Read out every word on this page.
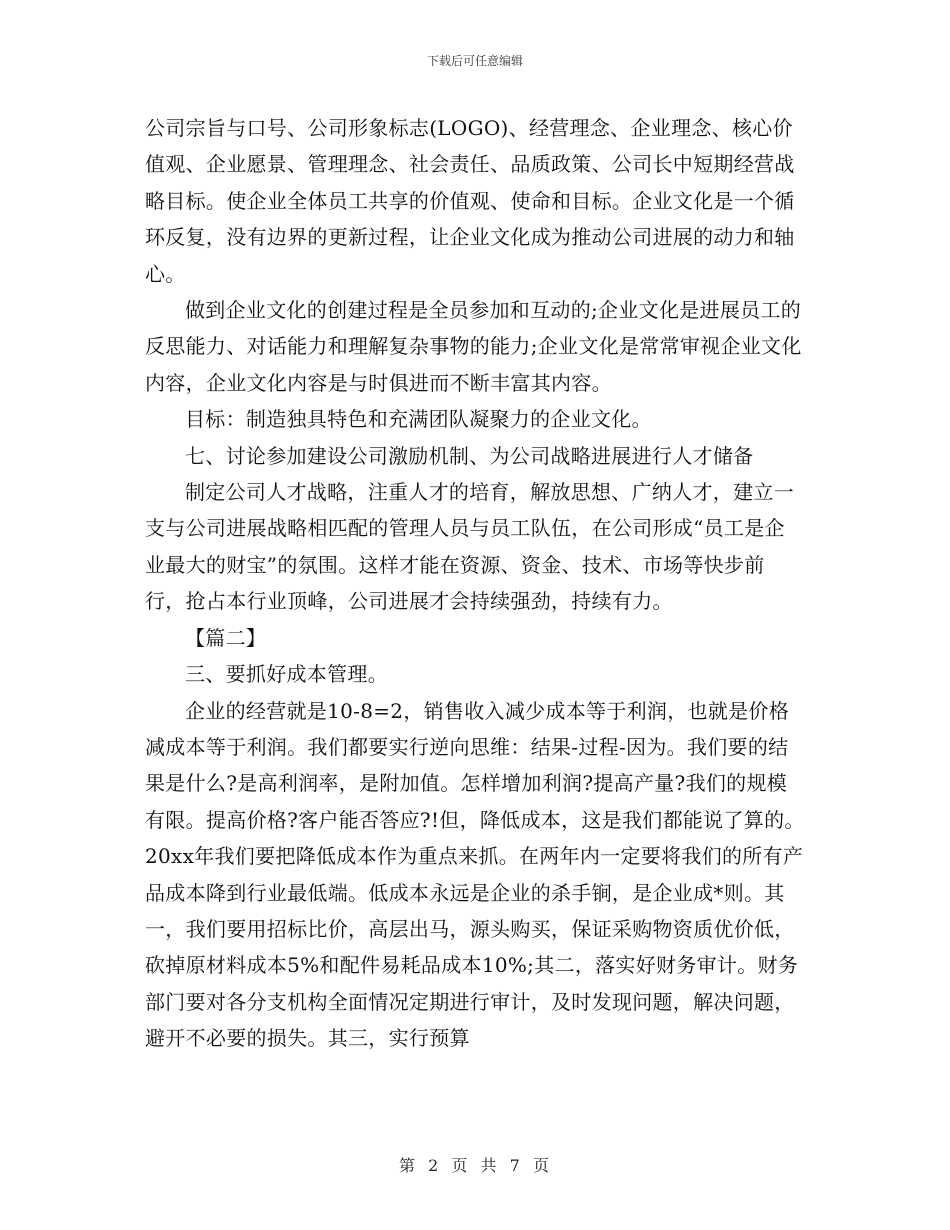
下载后可任意编辑

公司宗旨与口号、公司形象标志(LOGO)、经营理念、企业理念、核心价值观、企业愿景、管理理念、社会责任、品质政策、公司长中短期经营战略目标。使企业全体员工共享的价值观、使命和目标。企业文化是一个循环反复，没有边界的更新过程，让企业文化成为推动公司进展的动力和轴心。

做到企业文化的创建过程是全员参加和互动的;企业文化是进展员工的反思能力、对话能力和理解复杂事物的能力;企业文化是常常审视企业文化内容，企业文化内容是与时俱进而不断丰富其内容。

目标：制造独具特色和充满团队凝聚力的企业文化。

七、讨论参加建设公司激励机制、为公司战略进展进行人才储备

制定公司人才战略，注重人才的培育，解放思想、广纳人才，建立一支与公司进展战略相匹配的管理人员与员工队伍，在公司形成“员工是企业最大的财宝”的氛围。这样才能在资源、资金、技术、市场等快步前行，抢占本行业顶峰，公司进展才会持续强劲，持续有力。

【篇二】

三、要抓好成本管理。

企业的经营就是10-8=2，销售收入减少成本等于利润，也就是价格减成本等于利润。我们都要实行逆向思维：结果-过程-因为。我们要的结果是什么?是高利润率，是附加值。怎样增加利润?提高产量?我们的规模有限。提高价格?客户能否答应?!但，降低成本，这是我们都能说了算的。20xx年我们要把降低成本作为重点来抓。在两年内一定要将我们的所有产品成本降到行业最低端。低成本永远是企业的杀手锏，是企业成*则。其一，我们要用招标比价，高层出马，源头购买，保证采购物资质优价低，砍掉原材料成本5%和配件易耗品成本10%;其二，落实好财务审计。财务部门要对各分支机构全面情况定期进行审计，及时发现问题，解决问题，避开不必要的损失。其三，实行预算

第 2 页 共 7 页
